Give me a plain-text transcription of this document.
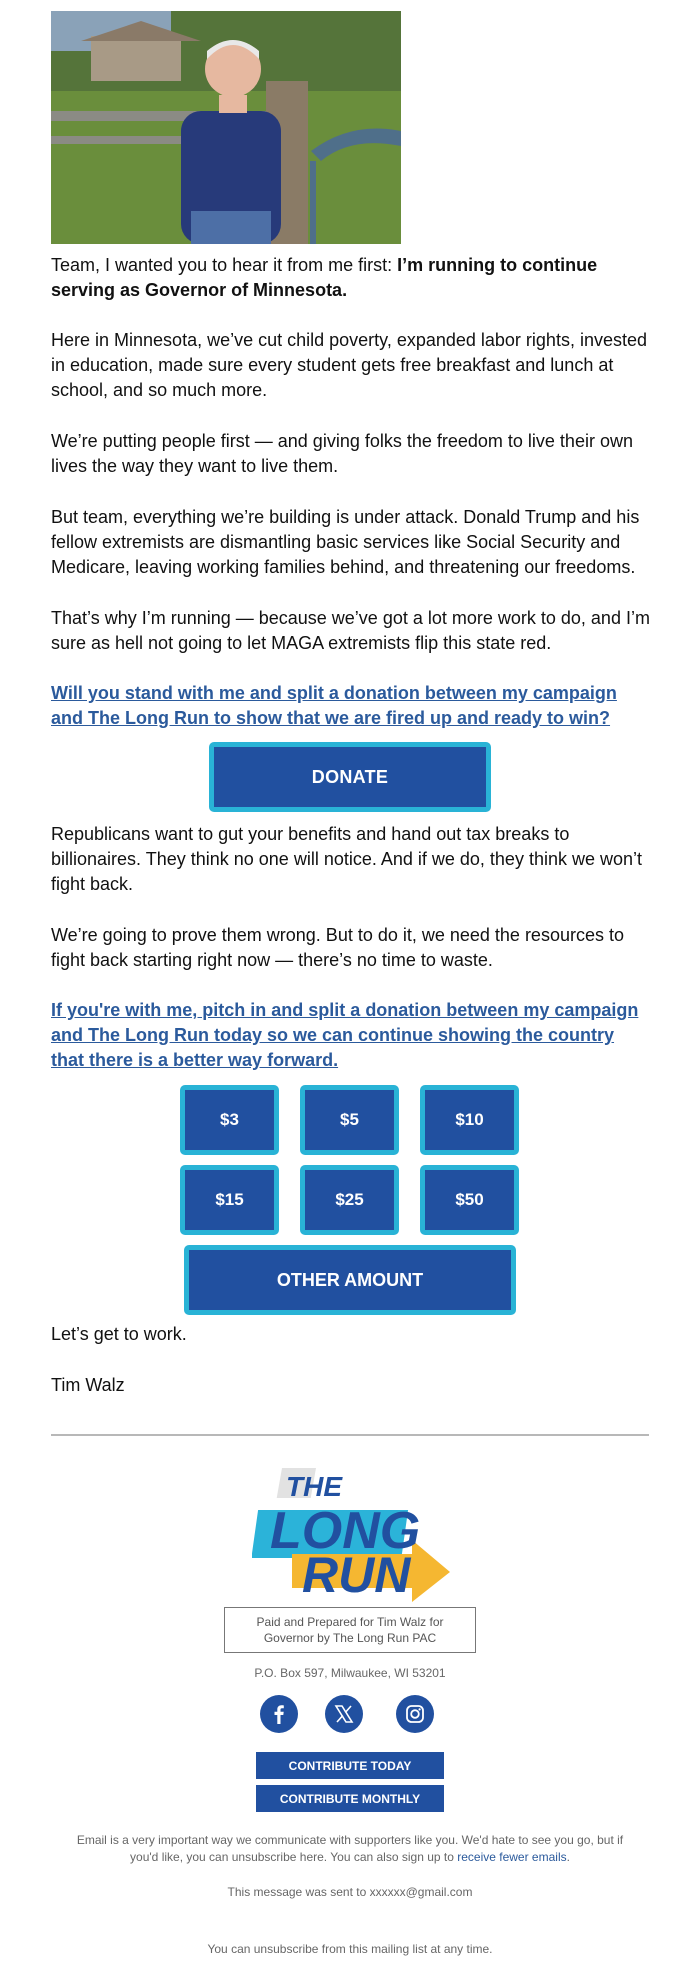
Team, I wanted you to hear it from me first: I’m running to continue serving as Governor of Minnesota.
Here in Minnesota, we’ve cut child poverty, expanded labor rights, invested in education, made sure every student gets free breakfast and lunch at school, and so much more.
We’re putting people first — and giving folks the freedom to live their own lives the way they want to live them.
But team, everything we’re building is under attack. Donald Trump and his fellow extremists are dismantling basic services like Social Security and Medicare, leaving working families behind, and threatening our freedoms.
That’s why I’m running — because we’ve got a lot more work to do, and I’m sure as hell not going to let MAGA extremists flip this state red.
Will you stand with me and split a donation between my campaign and The Long Run to show that we are fired up and ready to win?
DONATE
Republicans want to gut your benefits and hand out tax breaks to billionaires. They think no one will notice. And if we do, they think we won’t fight back.
We’re going to prove them wrong. But to do it, we need the resources to fight back starting right now — there’s no time to waste.
If you're with me, pitch in and split a donation between my campaign and The Long Run today so we can continue showing the country that there is a better way forward.
$3	$5	$10
$15	$25	$50
OTHER AMOUNT
Let’s get to work.
Tim Walz
THE
LONG
RUN
Paid and Prepared for Tim Walz for Governor by The Long Run PAC
P.O. Box 597, Milwaukee, WI 53201
CONTRIBUTE TODAY
CONTRIBUTE MONTHLY
Email is a very important way we communicate with supporters like you. We'd hate to see you go, but if you'd like, you can unsubscribe here. You can also sign up to receive fewer emails.
This message was sent to xxxxxx@gmail.com
You can unsubscribe from this mailing list at any time.
